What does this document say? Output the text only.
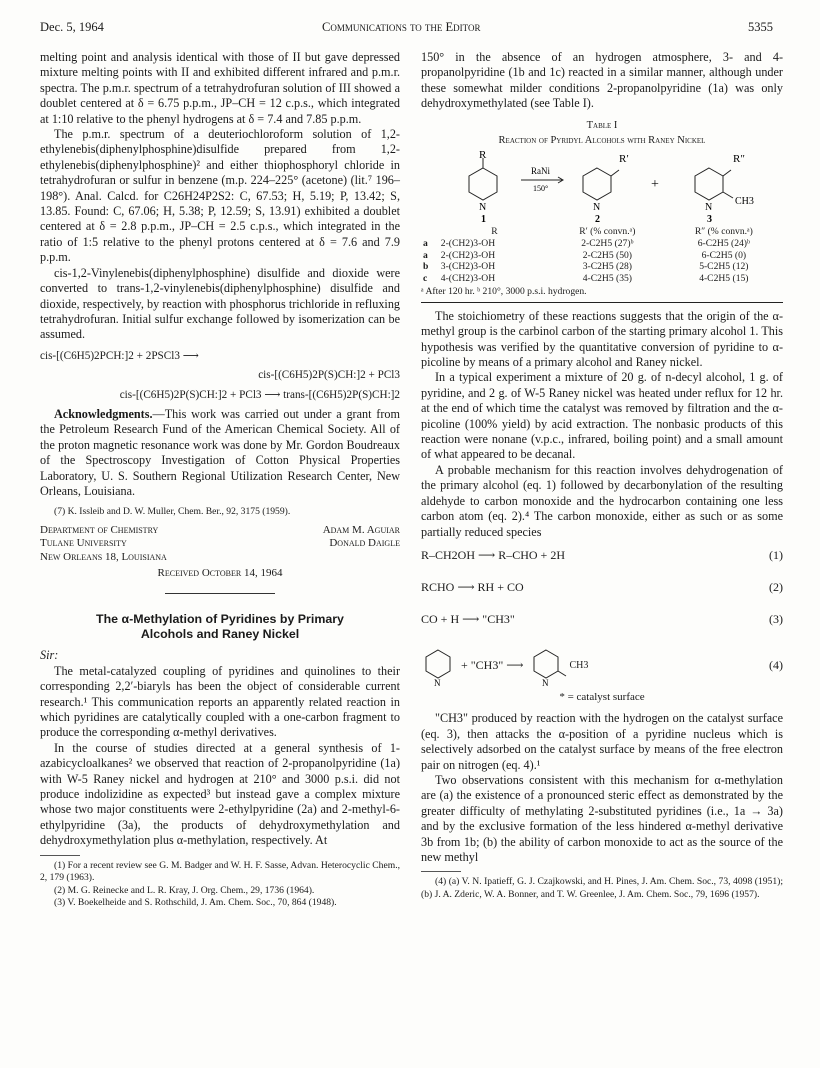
Dec. 5, 1964	Communications to the Editor	5355

melting point and analysis identical with those of II but gave depressed mixture melting points with II and exhibited different infrared and p.m.r. spectra. The p.m.r. spectrum of a tetrahydrofuran solution of III showed a doublet centered at δ = 6.75 p.p.m., JP–CH = 12 c.p.s., which integrated at 1:10 relative to the phenyl hydrogens at δ = 7.4 and 7.85 p.p.m.

The p.m.r. spectrum of a deuteriochloroform solution of 1,2-ethylenebis(diphenylphosphine)disulfide prepared from 1,2-ethylenebis(diphenylphosphine)² and either thiophosphoryl chloride in tetrahydrofuran or sulfur in benzene (m.p. 224–225° (acetone) (lit.⁷ 196–198°). Anal. Calcd. for C26H24P2S2: C, 67.53; H, 5.19; P, 13.42; S, 13.85. Found: C, 67.06; H, 5.38; P, 12.59; S, 13.91) exhibited a doublet centered at δ = 2.8 p.p.m., JP–CH = 2.5 c.p.s., which integrated in the ratio of 1:5 relative to the phenyl protons centered at δ = 7.6 and 7.9 p.p.m.

cis-1,2-Vinylenebis(diphenylphosphine) disulfide and dioxide were converted to trans-1,2-vinylenebis(diphenylphosphine) disulfide and dioxide, respectively, by reaction with phosphorus trichloride in refluxing tetrahydrofuran. Initial sulfur exchange followed by isomerization can be assumed.

cis-[(C6H5)2PCH:]2 + 2PSCl3 ⟶
cis-[(C6H5)2P(S)CH:]2 + PCl3
cis-[(C6H5)2P(S)CH:]2 + PCl3 ⟶ trans-[(C6H5)2P(S)CH:]2

Acknowledgments.—This work was carried out under a grant from the Petroleum Research Fund of the American Chemical Society. All of the proton magnetic resonance work was done by Mr. Gordon Boudreaux of the Spectroscopy Investigation of Cotton Physical Properties Laboratory, U. S. Southern Regional Utilization Research Center, New Orleans, Louisiana.

(7) K. Issleib and D. W. Muller, Chem. Ber., 92, 3175 (1959).

Department of Chemistry
Tulane University
New Orleans 18, Louisiana
Adam M. Aguiar
Donald Daigle
Received October 14, 1964
The α-Methylation of Pyridines by Primary
Alcohols and Raney Nickel

Sir:

The metal-catalyzed coupling of pyridines and quinolines to their corresponding 2,2′-biaryls has been the object of considerable current research.¹ This communication reports an apparently related reaction in which pyridines are catalytically coupled with a one-carbon fragment to produce the corresponding α-methyl derivatives.

In the course of studies directed at a general synthesis of 1-azabicycloalkanes² we observed that reaction of 2-propanolpyridine (1a) with W-5 Raney nickel and hydrogen at 210° and 3000 p.s.i. did not produce indolizidine as expected³ but instead gave a complex mixture whose two major constituents were 2-ethylpyridine (2a) and 2-methyl-6-ethylpyridine (3a), the products of dehydroxymethylation and dehydroxymethylation plus α-methylation, respectively. At

(1) For a recent review see G. M. Badger and W. H. F. Sasse, Advan. Heterocyclic Chem., 2, 179 (1963).

(2) M. G. Reinecke and L. R. Kray, J. Org. Chem., 29, 1736 (1964).

(3) V. Boekelheide and S. Rothschild, J. Am. Chem. Soc., 70, 864 (1948).

150° in the absence of an hydrogen atmosphere, 3- and 4-propanolpyridine (1b and 1c) reacted in a similar manner, although under these somewhat milder conditions 2-propanolpyridine (1a) was only dehydroxymethylated (see Table I).

Table I
Reaction of Pyridyl Alcohols with Raney Nickel
R
N
1
RaNi
150°
R′
N
2
+
R″
N
CH3
3
	R	R′ (% convn.ᵃ)	R″ (% convn.ᵃ)
a	2-(CH2)3-OH	2-C2H5 (27)ᵇ	6-C2H5 (24)ᵇ
a	2-(CH2)3-OH	2-C2H5 (50)	6-C2H5 (0)
b	3-(CH2)3-OH	3-C2H5 (28)	5-C2H5 (12)
c	4-(CH2)3-OH	4-C2H5 (35)	4-C2H5 (15)

ᵃ After 120 hr. ᵇ 210°, 3000 p.s.i. hydrogen.

The stoichiometry of these reactions suggests that the origin of the α-methyl group is the carbinol carbon of the starting primary alcohol 1. This hypothesis was verified by the quantitative conversion of pyridine to α-picoline by means of a primary alcohol and Raney nickel.

In a typical experiment a mixture of 20 g. of n-decyl alcohol, 1 g. of pyridine, and 2 g. of W-5 Raney nickel was heated under reflux for 12 hr. at the end of which time the catalyst was removed by filtration and the α-picoline (100% yield) by acid extraction. The nonbasic products of this reaction were nonane (v.p.c., infrared, boiling point) and a small amount of what appeared to be decanal.

A probable mechanism for this reaction involves dehydrogenation of the primary alcohol (eq. 1) followed by decarbonylation of the resulting aldehyde to carbon monoxide and the hydrocarbon containing one less carbon atom (eq. 2).⁴ The carbon monoxide, either as such or as some partially reduced species

R–CH2OH ⟶ R–CHO + 2H	(1)
RCHO ⟶ RH + CO	(2)
CO + H ⟶ "CH3"	(3)
N
+ "CH3" ⟶
N
CH3	(4)
* = catalyst surface

"CH3" produced by reaction with the hydrogen on the catalyst surface (eq. 3), then attacks the α-position of a pyridine nucleus which is selectively adsorbed on the catalyst surface by means of the free electron pair on nitrogen (eq. 4).¹

Two observations consistent with this mechanism for α-methylation are (a) the existence of a pronounced steric effect as demonstrated by the greater difficulty of methylating 2-substituted pyridines (i.e., 1a → 3a) and by the exclusive formation of the less hindered α-methyl derivative 3b from 1b; (b) the ability of carbon monoxide to act as the source of the new methyl

(4) (a) V. N. Ipatieff, G. J. Czajkowski, and H. Pines, J. Am. Chem. Soc., 73, 4098 (1951); (b) J. A. Zderic, W. A. Bonner, and T. W. Greenlee, J. Am. Chem. Soc., 79, 1696 (1957).
